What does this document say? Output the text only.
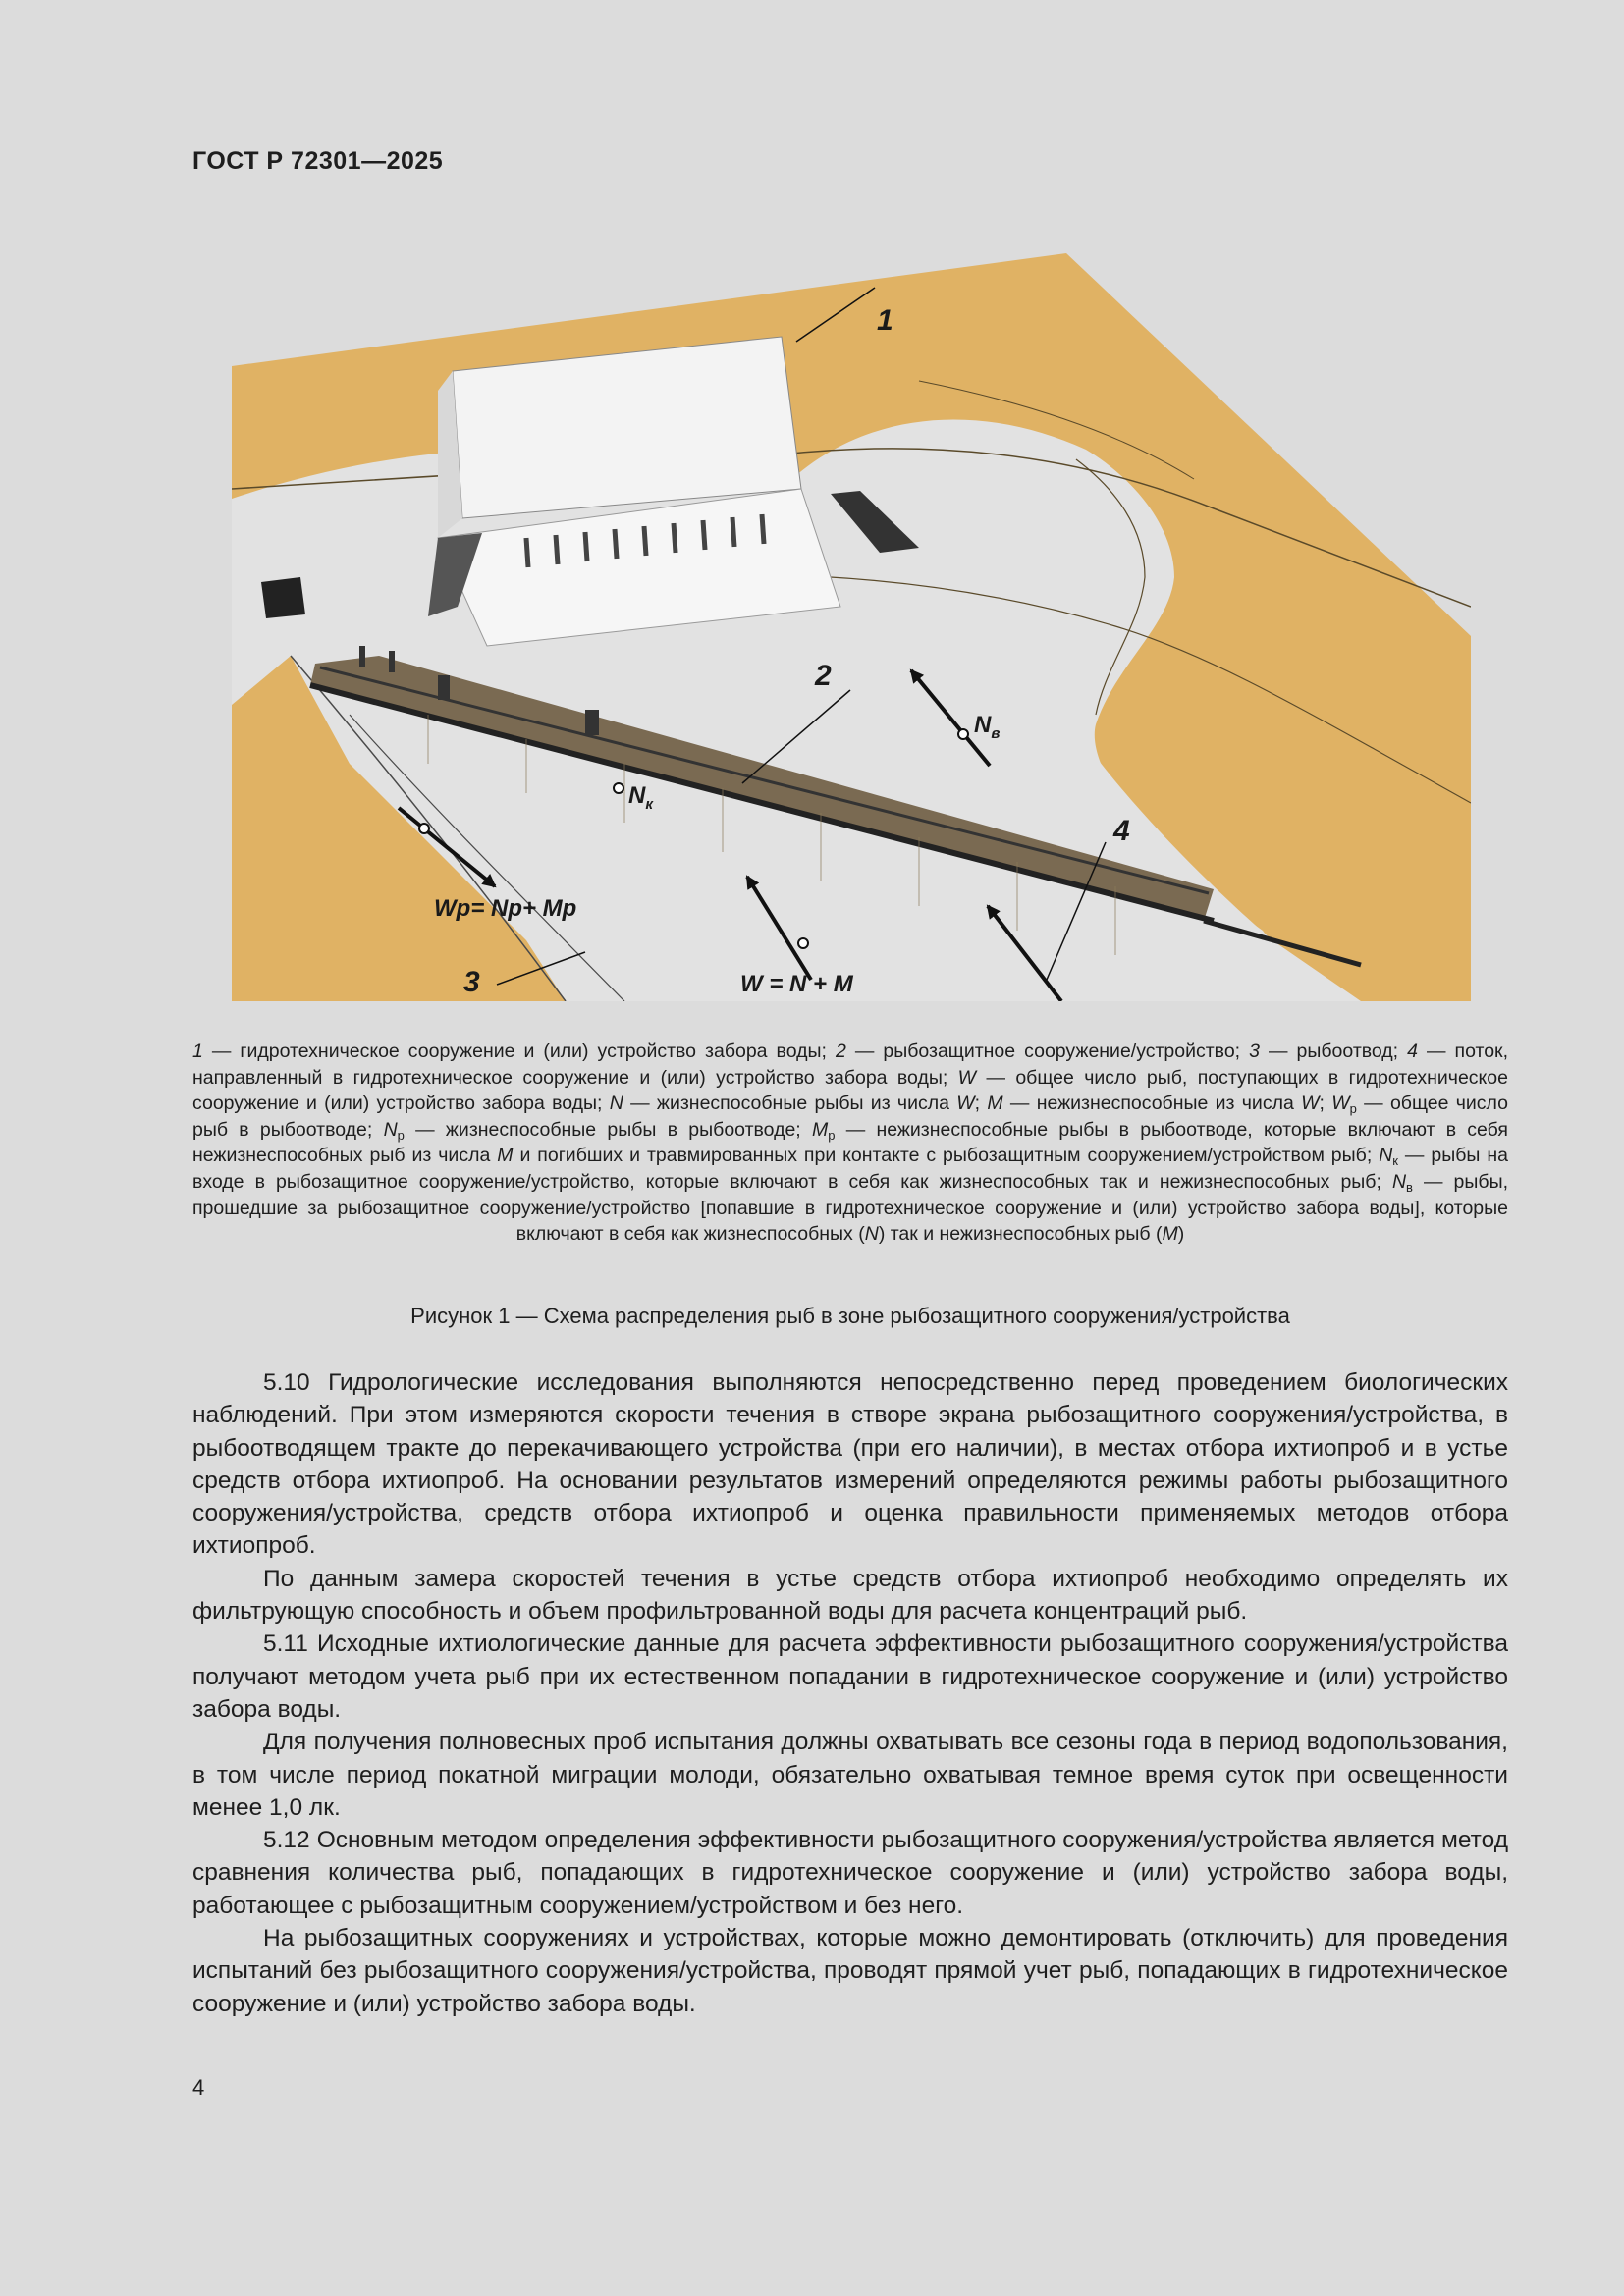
ГОСТ Р 72301—2025
1
2
3
4
$N_в$
$N_к$
Wp= Np+ Mp
W = N + M
1 — гидротехническое сооружение и (или) устройство забора воды; 2 — рыбозащитное сооружение/устройство; 3 — рыбоотвод; 4 — поток, направленный в гидротехническое сооружение и (или) устройство забора воды; W — общее число рыб, поступающих в гидротехническое сооружение и (или) устройство забора воды; N — жизнеспособные рыбы из числа W; M — нежизнеспособные из числа W; $W_p$ — общее число рыб в рыбоотводе; $N_p$ — жизнеспособные рыбы в рыбоотводе; $M_p$ — нежизнеспособные рыбы в рыбоотводе, которые включают в себя нежизнеспособных рыб из числа M и погибших и травмированных при контакте с рыбозащитным сооружением/устройством рыб; $N_к$ — рыбы на входе в рыбозащитное сооружение/устройство, которые включают в себя как жизнеспособных так и нежизнеспособных рыб; $N_в$ — рыбы, прошедшие за рыбозащитное сооружение/устройство [попавшие в гидротехническое сооружение и (или) устройство забора воды], которые включают в себя как жизнеспособных (N) так и нежизнеспособных рыб (M)
Рисунок 1 — Схема распределения рыб в зоне рыбозащитного сооружения/устройства

5.10 Гидрологические исследования выполняются непосредственно перед проведением биологических наблюдений. При этом измеряются скорости течения в створе экрана рыбозащитного сооружения/устройства, в рыбоотводящем тракте до перекачивающего устройства (при его наличии), в местах отбора ихтиопроб и в устье средств отбора ихтиопроб. На основании результатов измерений определяются режимы работы рыбозащитного сооружения/устройства, средств отбора ихтиопроб и оценка правильности применяемых методов отбора ихтиопроб.

По данным замера скоростей течения в устье средств отбора ихтиопроб необходимо определять их фильтрующую способность и объем профильтрованной воды для расчета концентраций рыб.

5.11 Исходные ихтиологические данные для расчета эффективности рыбозащитного сооружения/устройства получают методом учета рыб при их естественном попадании в гидротехническое сооружение и (или) устройство забора воды.

Для получения полновесных проб испытания должны охватывать все сезоны года в период водопользования, в том числе период покатной миграции молоди, обязательно охватывая темное время суток при освещенности менее 1,0 лк.

5.12 Основным методом определения эффективности рыбозащитного сооружения/устройства является метод сравнения количества рыб, попадающих в гидротехническое сооружение и (или) устройство забора воды, работающее с рыбозащитным сооружением/устройством и без него.

На рыбозащитных сооружениях и устройствах, которые можно демонтировать (отключить) для проведения испытаний без рыбозащитного сооружения/устройства, проводят прямой учет рыб, попадающих в гидротехническое сооружение и (или) устройство забора воды.

4
